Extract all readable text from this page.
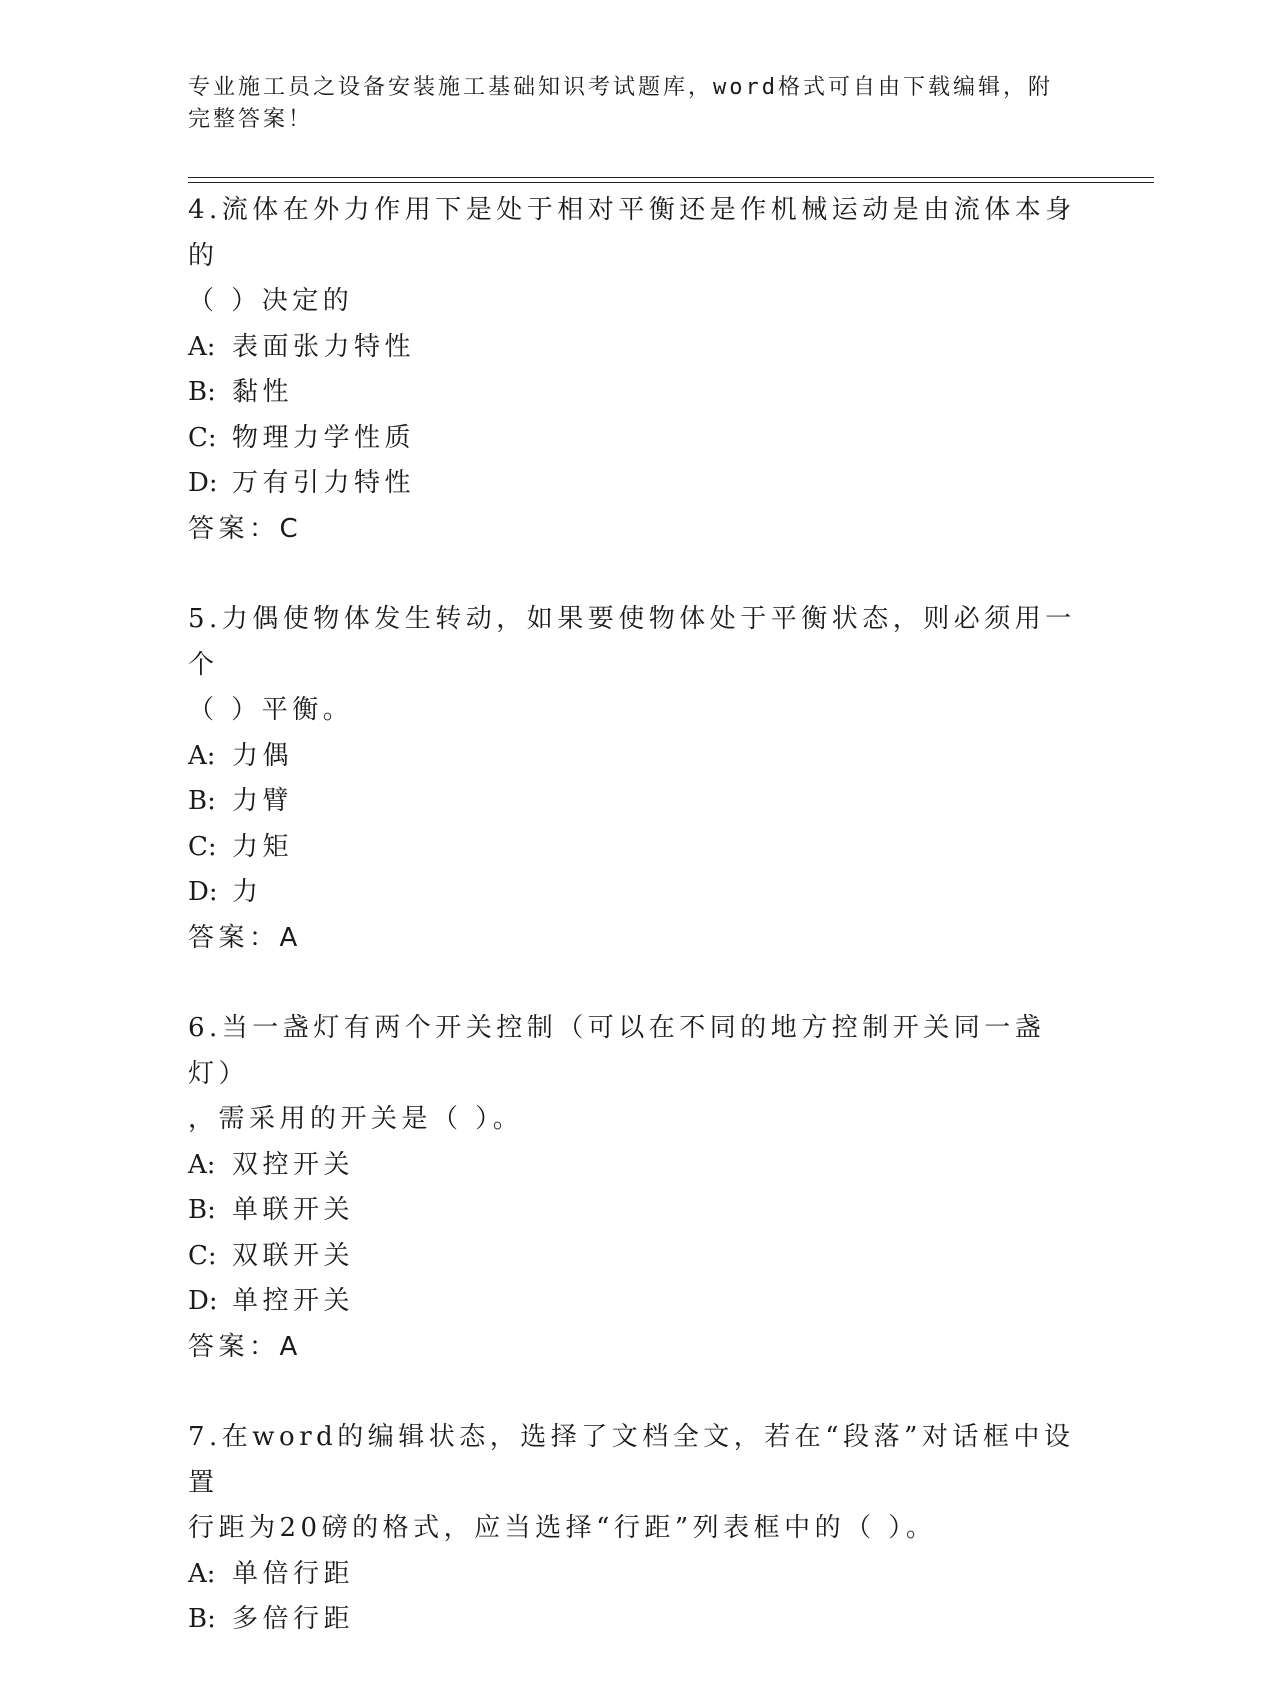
专业施工员之设备安装施工基础知识考试题库，word格式可自由下载编辑，附完整答案！
4.流体在外力作用下是处于相对平衡还是作机械运动是由流体本身的
（ ）决定的
A: 表面张力特性
B: 黏性
C: 物理力学性质
D: 万有引力特性
答案：C
5.力偶使物体发生转动，如果要使物体处于平衡状态，则必须用一个
（ ）平衡。
A: 力偶
B: 力臂
C: 力矩
D: 力
答案：A
6.当一盏灯有两个开关控制（可以在不同的地方控制开关同一盏灯）
，需采用的开关是（ ）。
A: 双控开关
B: 单联开关
C: 双联开关
D: 单控开关
答案：A
7.在word的编辑状态，选择了文档全文，若在“段落”对话框中设置
行距为20磅的格式，应当选择“行距”列表框中的（ ）。
A: 单倍行距
B: 多倍行距
